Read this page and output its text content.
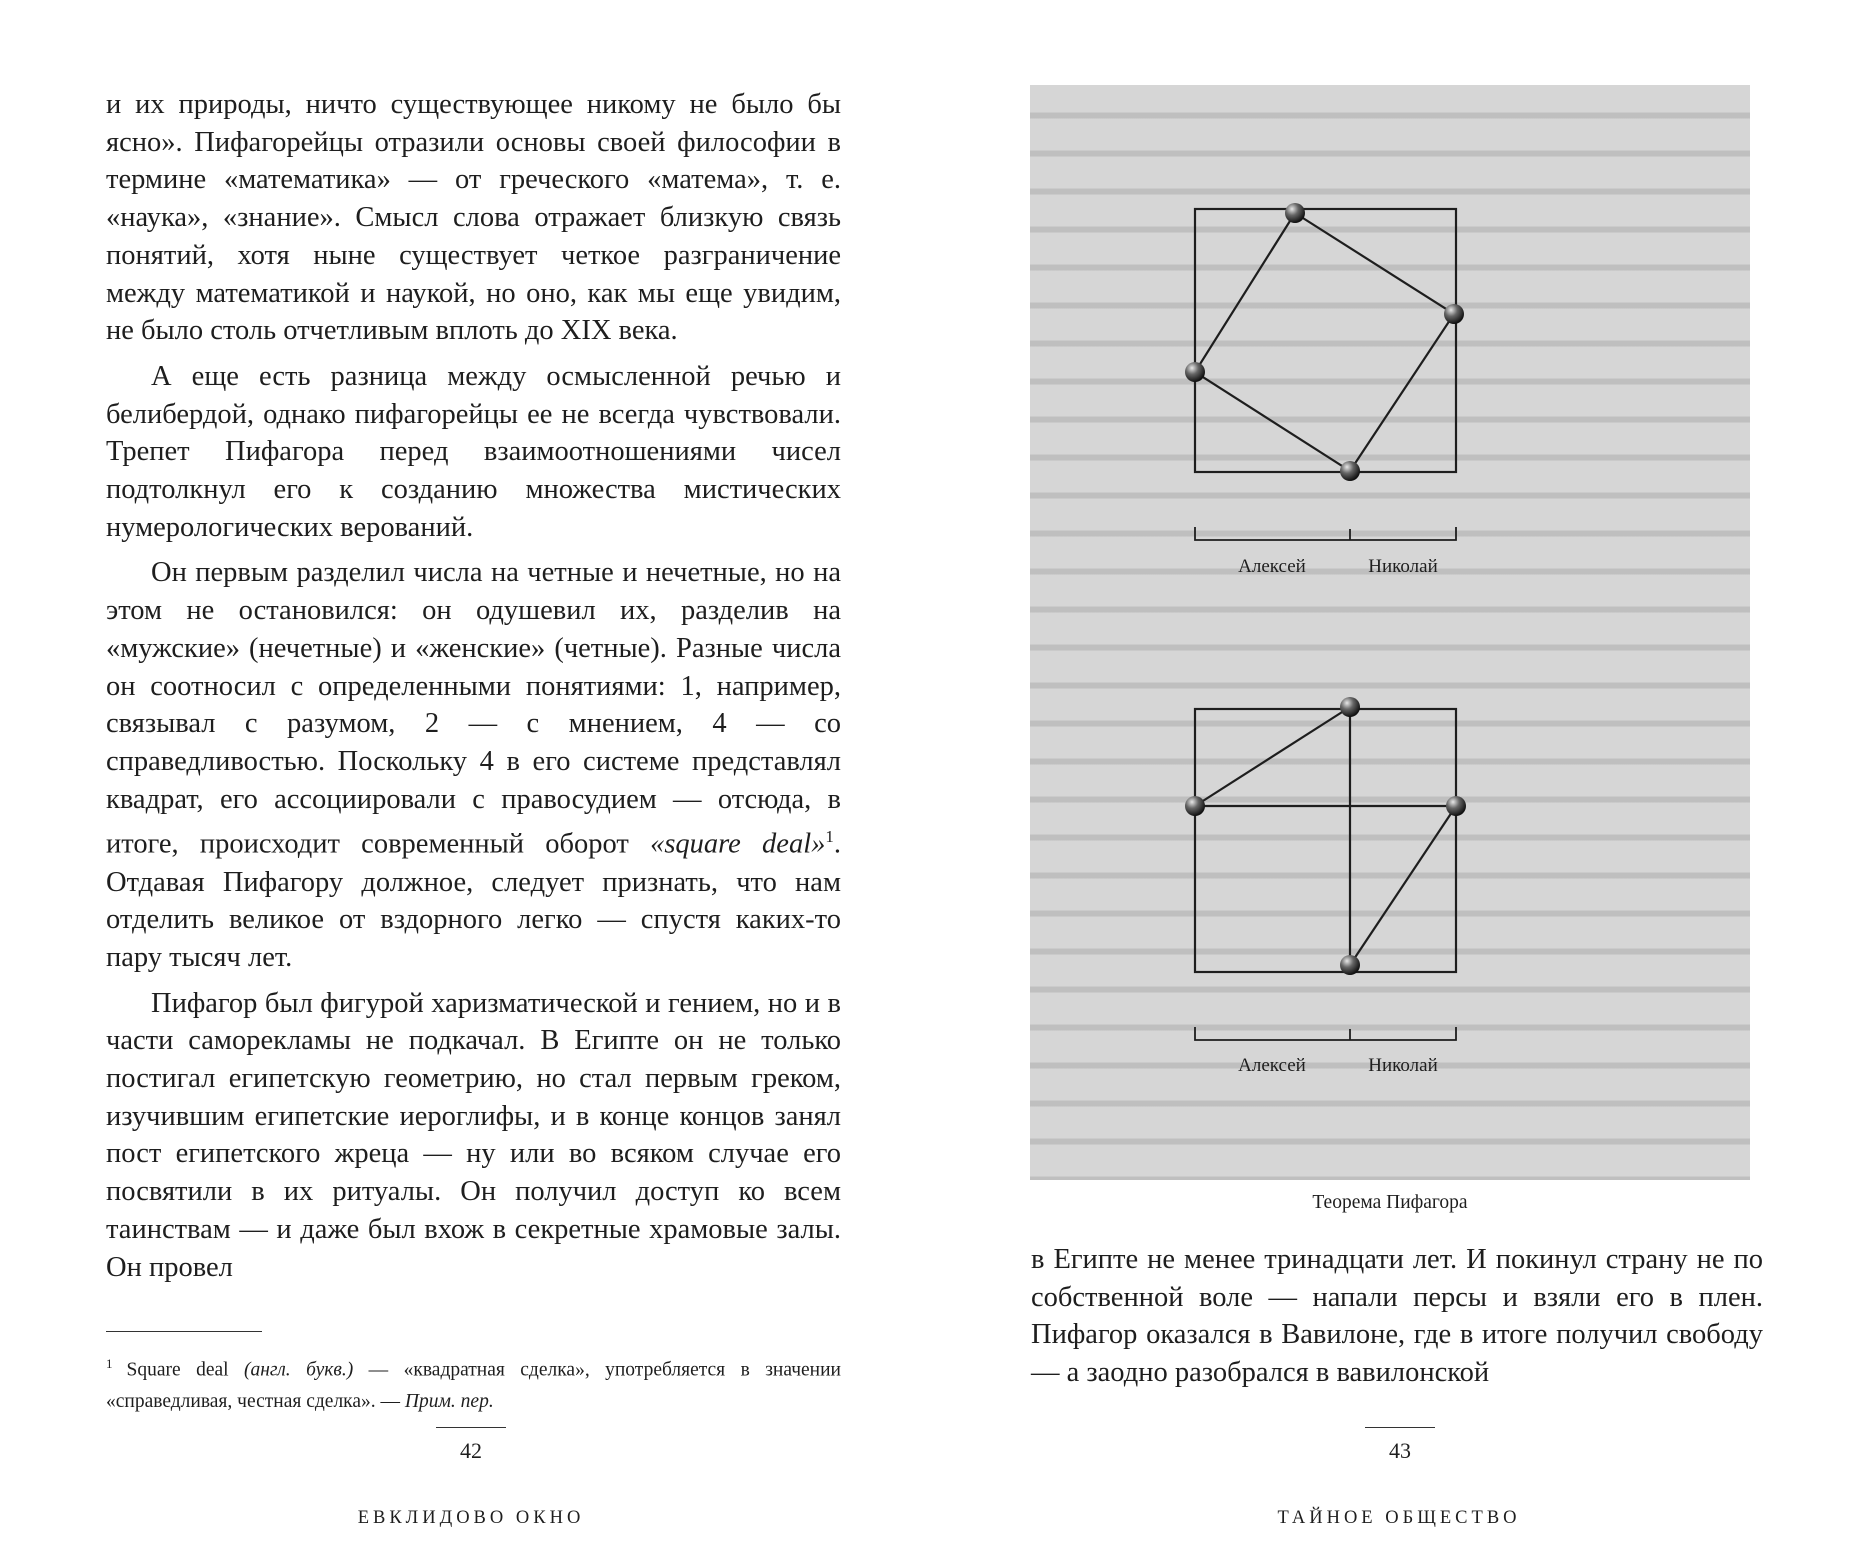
и их природы, ничто существующее никому не было бы ясно». Пифагорейцы отразили основы своей философии в термине «математика» — от греческого «матема», т. е. «наука», «знание». Смысл слова отражает близкую связь понятий, хотя ныне существует четкое разграничение между математикой и наукой, но оно, как мы еще увидим, не было столь отчетливым вплоть до XIX века.

А еще есть разница между осмысленной речью и белибердой, однако пифагорейцы ее не всегда чувствовали. Трепет Пифагора перед взаимоотношениями чисел подтолкнул его к созданию множества мистических нумерологических верований.

Он первым разделил числа на четные и нечетные, но на этом не остановился: он одушевил их, разделив на «мужские» (нечетные) и «женские» (четные). Разные числа он соотносил с определенными понятиями: 1, например, связывал с разумом, 2 — с мнением, 4 — со справедливостью. Поскольку 4 в его системе представлял квадрат, его ассоциировали с правосудием — отсюда, в итоге, происходит современный оборот «square deal»$^1$. Отдавая Пифагору должное, следует признать, что нам отделить великое от вздорного легко — спустя каких-то пару тысяч лет.

Пифагор был фигурой харизматической и гением, но и в части саморекламы не подкачал. В Египте он не только постигал египетскую геометрию, но стал первым греком, изучившим египетские иероглифы, и в конце концов занял пост египетского жреца — ну или во всяком случае его посвятили в их ритуалы. Он получил доступ ко всем таинствам — и даже был вхож в секретные храмовые залы. Он провел

$^1$ Square deal (англ. букв.) — «квадратная сделка», употребляется в значении «справедливая, честная сделка». — Прим. пер.
42
ЕВКЛИДОВО ОКНО
Алексей	Николай
Алексей	Николай
Теорема Пифагора

в Египте не менее тринадцати лет. И покинул страну не по собственной воле — напали персы и взяли его в плен. Пифагор оказался в Вавилоне, где в итоге получил свободу — а заодно разобрался в вавилонской

43
ТАЙНОЕ ОБЩЕСТВО
